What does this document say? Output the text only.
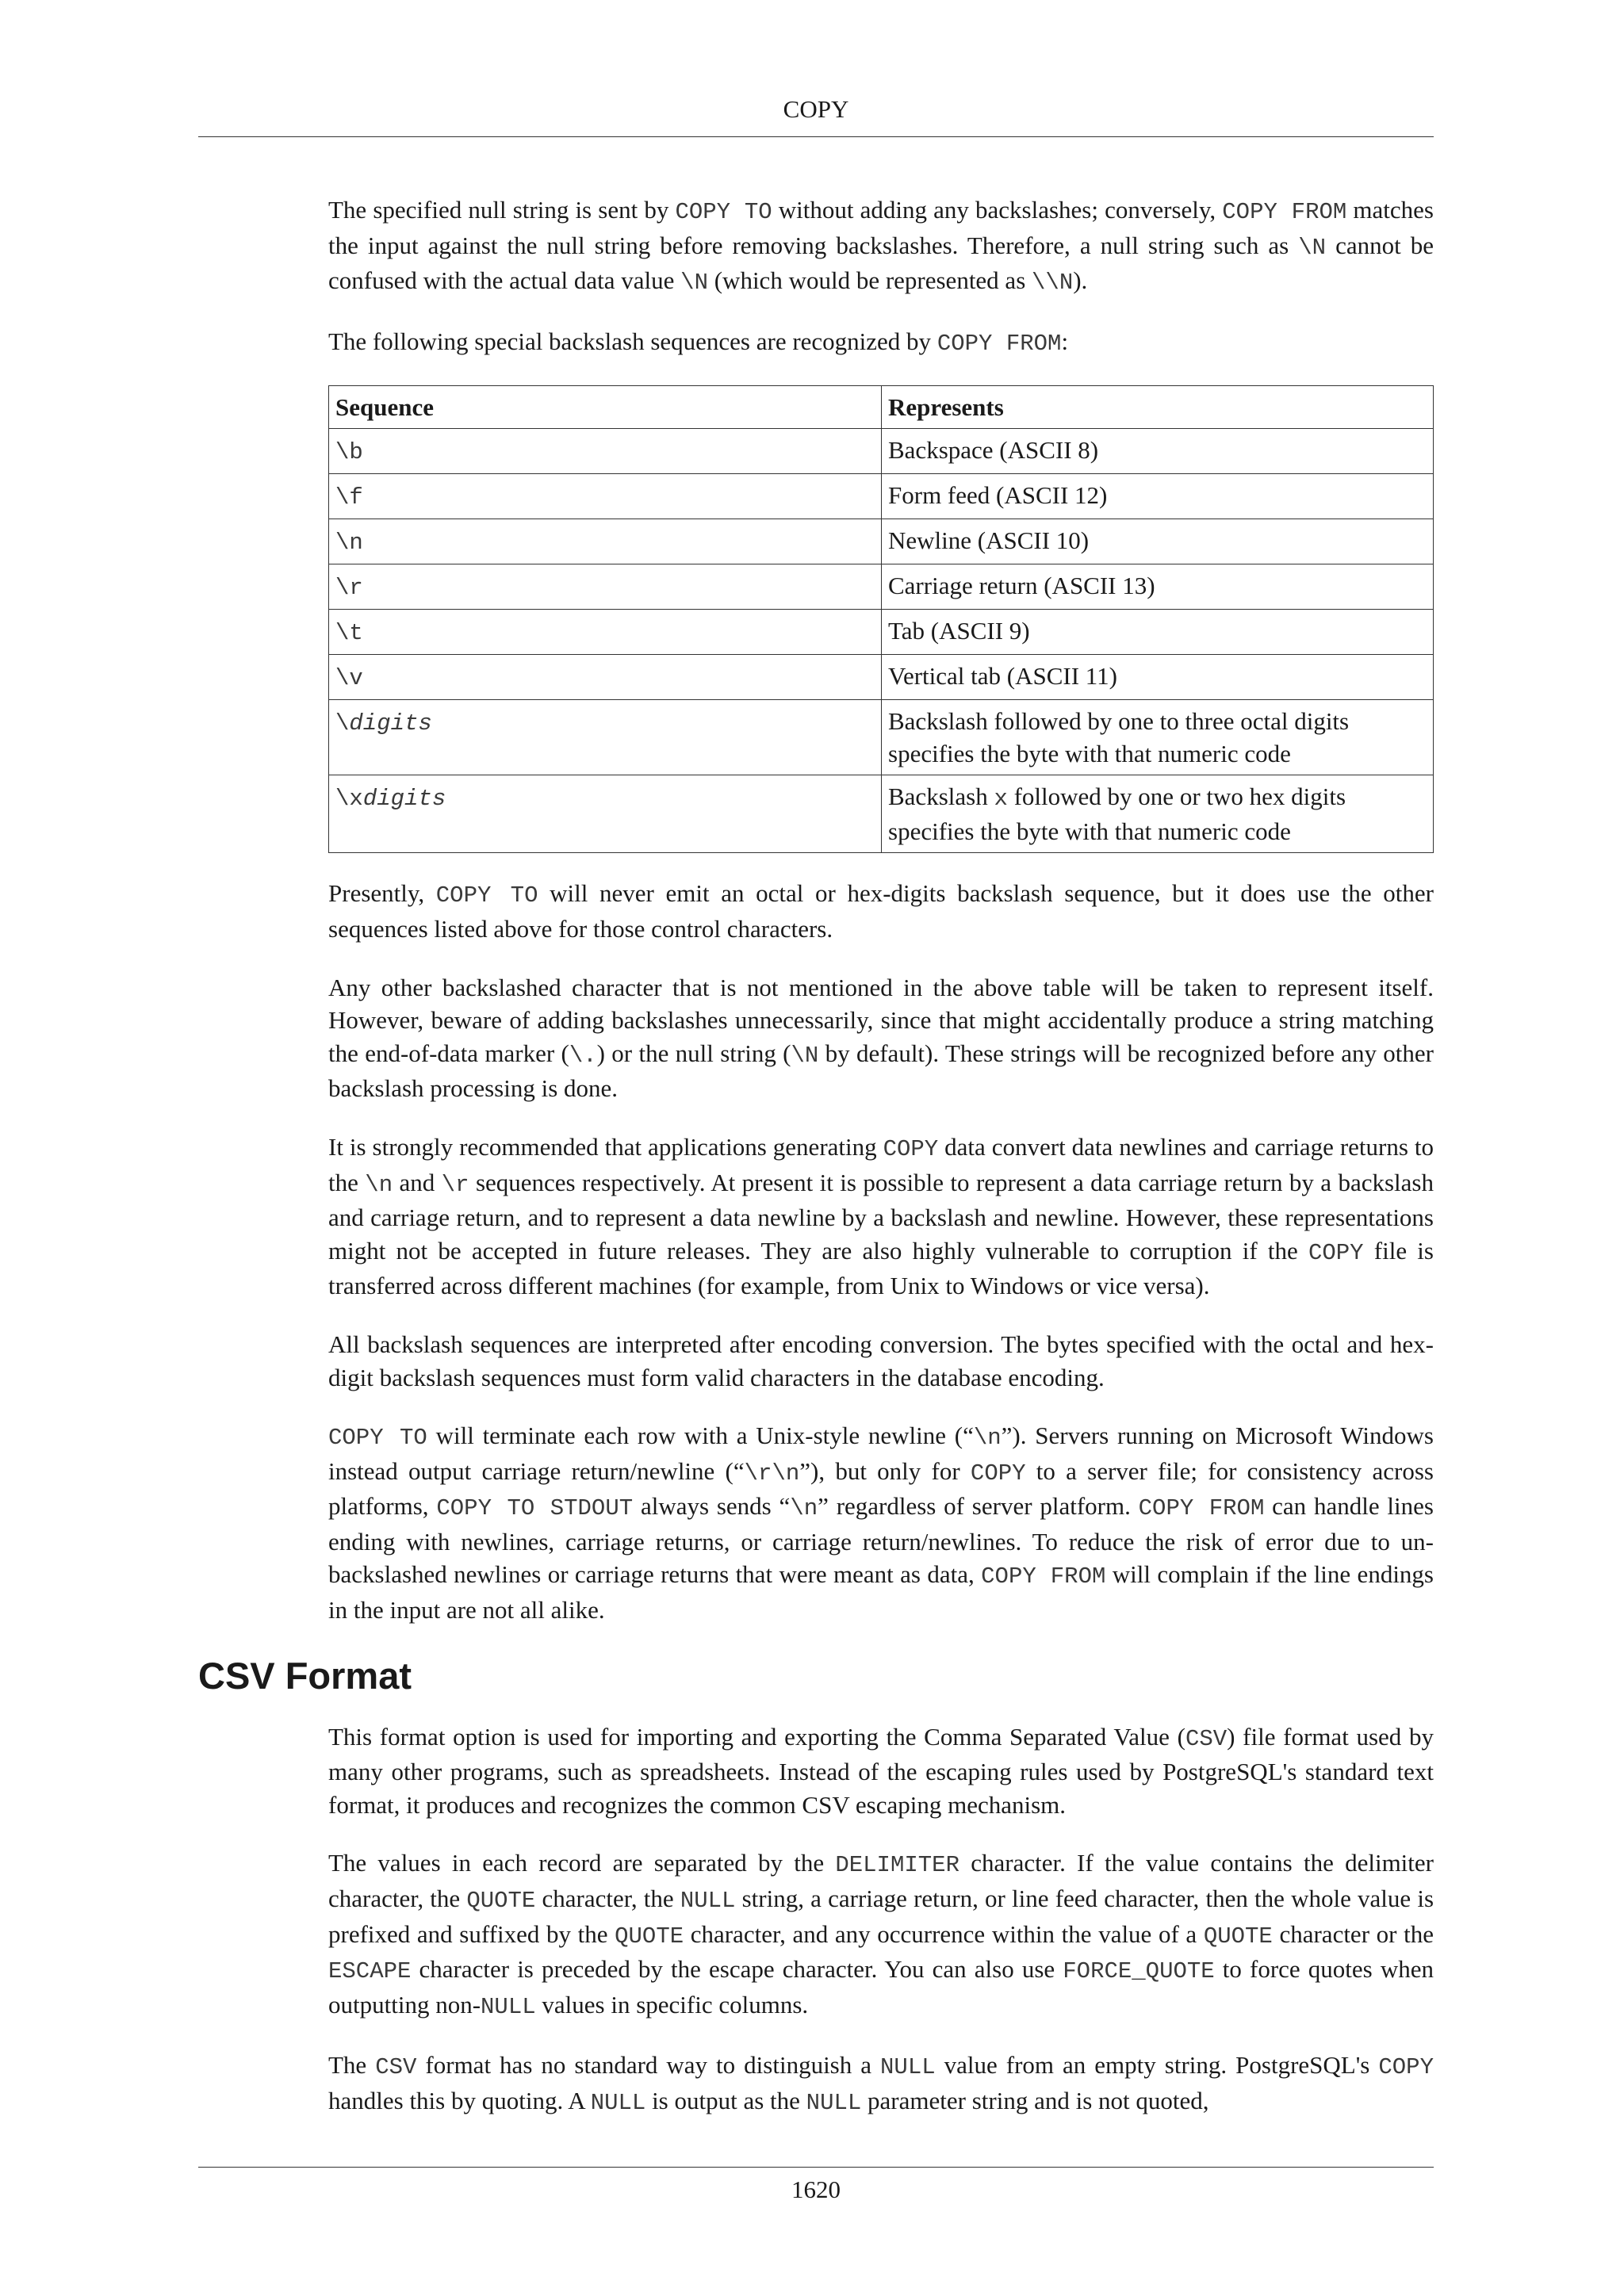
COPY

The specified null string is sent by COPY TO without adding any backslashes; conversely, COPY FROM matches the input against the null string before removing backslashes. Therefore, a null string such as \N cannot be confused with the actual data value \N (which would be represented as \\N).

The following special backslash sequences are recognized by COPY FROM:

Sequence	Represents
\b	Backspace (ASCII 8)
\f	Form feed (ASCII 12)
\n	Newline (ASCII 10)
\r	Carriage return (ASCII 13)
\t	Tab (ASCII 9)
\v	Vertical tab (ASCII 11)
\digits	Backslash followed by one to three octal digits specifies the byte with that numeric code
\xdigits	Backslash x followed by one or two hex digits specifies the byte with that numeric code

Presently, COPY TO will never emit an octal or hex-digits backslash sequence, but it does use the other sequences listed above for those control characters.

Any other backslashed character that is not mentioned in the above table will be taken to represent itself. However, beware of adding backslashes unnecessarily, since that might accidentally produce a string matching the end-of-data marker (\.) or the null string (\N by default). These strings will be recognized before any other backslash processing is done.

It is strongly recommended that applications generating COPY data convert data newlines and carriage returns to the \n and \r sequences respectively. At present it is possible to represent a data carriage return by a backslash and carriage return, and to represent a data newline by a backslash and newline. However, these representations might not be accepted in future releases. They are also highly vulnerable to corruption if the COPY file is transferred across different machines (for example, from Unix to Windows or vice versa).

All backslash sequences are interpreted after encoding conversion. The bytes specified with the octal and hex-digit backslash sequences must form valid characters in the database encoding.

COPY TO will terminate each row with a Unix-style newline (“\n”). Servers running on Microsoft Windows instead output carriage return/newline (“\r\n”), but only for COPY to a server file; for consistency across platforms, COPY TO STDOUT always sends “\n” regardless of server platform. COPY FROM can handle lines ending with newlines, carriage returns, or carriage return/newlines. To reduce the risk of error due to un-backslashed newlines or carriage returns that were meant as data, COPY FROM will complain if the line endings in the input are not all alike.

CSV Format

This format option is used for importing and exporting the Comma Separated Value (CSV) file format used by many other programs, such as spreadsheets. Instead of the escaping rules used by PostgreSQL's standard text format, it produces and recognizes the common CSV escaping mechanism.

The values in each record are separated by the DELIMITER character. If the value contains the delimiter character, the QUOTE character, the NULL string, a carriage return, or line feed character, then the whole value is prefixed and suffixed by the QUOTE character, and any occurrence within the value of a QUOTE character or the ESCAPE character is preceded by the escape character. You can also use FORCE_QUOTE to force quotes when outputting non-NULL values in specific columns.

The CSV format has no standard way to distinguish a NULL value from an empty string. PostgreSQL's COPY handles this by quoting. A NULL is output as the NULL parameter string and is not quoted,

1620
